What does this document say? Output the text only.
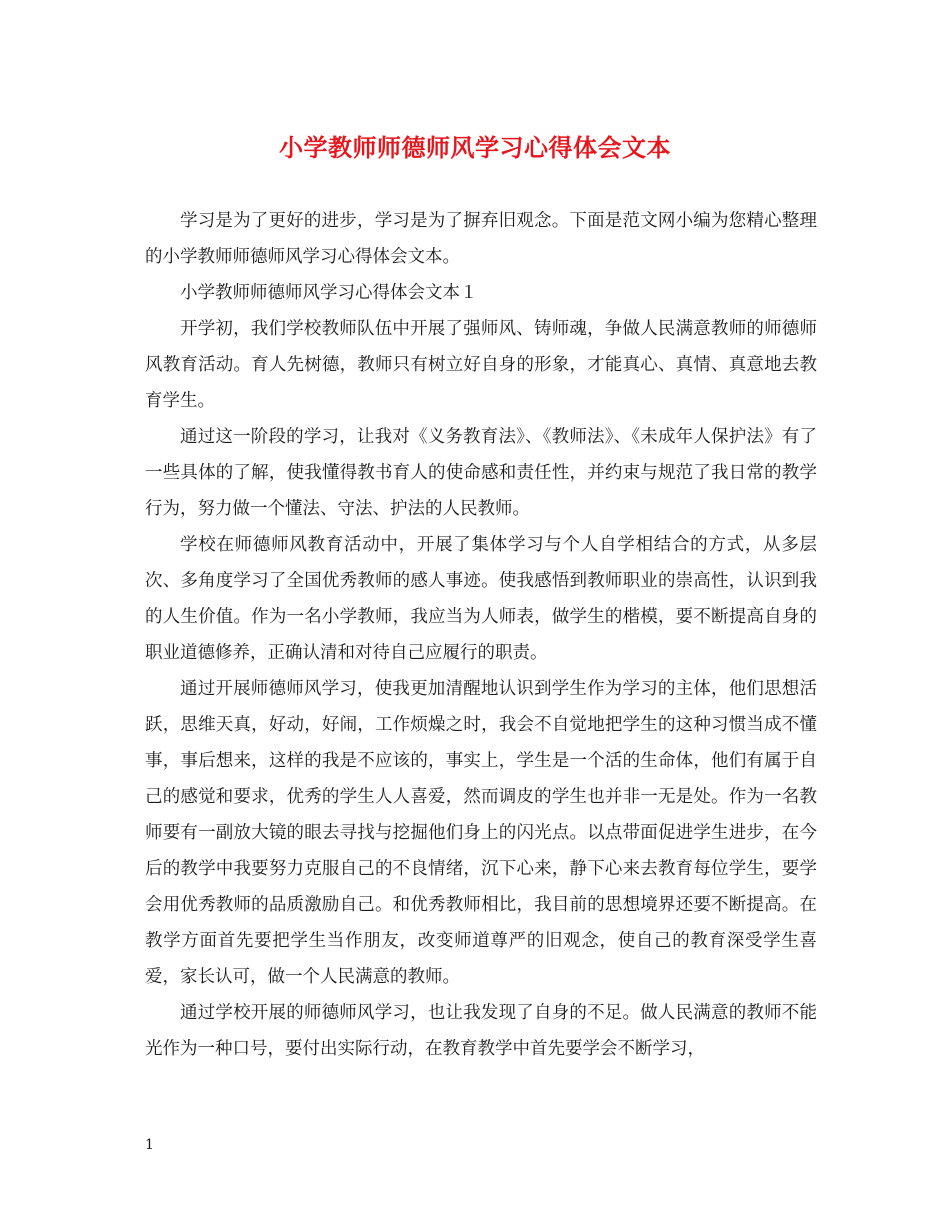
小学教师师德师风学习心得体会文本

学习是为了更好的进步，学习是为了摒弃旧观念。下面是范文网小编为您精心整理的小学教师师德师风学习心得体会文本。

小学教师师德师风学习心得体会文本１

开学初，我们学校教师队伍中开展了强师风、铸师魂，争做人民满意教师的师德师风教育活动。育人先树德，教师只有树立好自身的形象，才能真心、真情、真意地去教育学生。

通过这一阶段的学习，让我对《义务教育法》、《教师法》、《未成年人保护法》有了一些具体的了解，使我懂得教书育人的使命感和责任性，并约束与规范了我日常的教学行为，努力做一个懂法、守法、护法的人民教师。

学校在师德师风教育活动中，开展了集体学习与个人自学相结合的方式，从多层次、多角度学习了全国优秀教师的感人事迹。使我感悟到教师职业的崇高性，认识到我的人生价值。作为一名小学教师，我应当为人师表，做学生的楷模，要不断提高自身的职业道德修养，正确认清和对待自己应履行的职责。

通过开展师德师风学习，使我更加清醒地认识到学生作为学习的主体，他们思想活跃，思维天真，好动，好闹，工作烦燥之时，我会不自觉地把学生的这种习惯当成不懂事，事后想来，这样的我是不应该的，事实上，学生是一个活的生命体，他们有属于自己的感觉和要求，优秀的学生人人喜爱，然而调皮的学生也并非一无是处。作为一名教师要有一副放大镜的眼去寻找与挖掘他们身上的闪光点。以点带面促进学生进步，在今后的教学中我要努力克服自己的不良情绪，沉下心来，静下心来去教育每位学生，要学会用优秀教师的品质激励自己。和优秀教师相比，我目前的思想境界还要不断提高。在教学方面首先要把学生当作朋友，改变师道尊严的旧观念，使自己的教育深受学生喜爱，家长认可，做一个人民满意的教师。

通过学校开展的师德师风学习，也让我发现了自身的不足。做人民满意的教师不能光作为一种口号，要付出实际行动，在教育教学中首先要学会不断学习，

1
